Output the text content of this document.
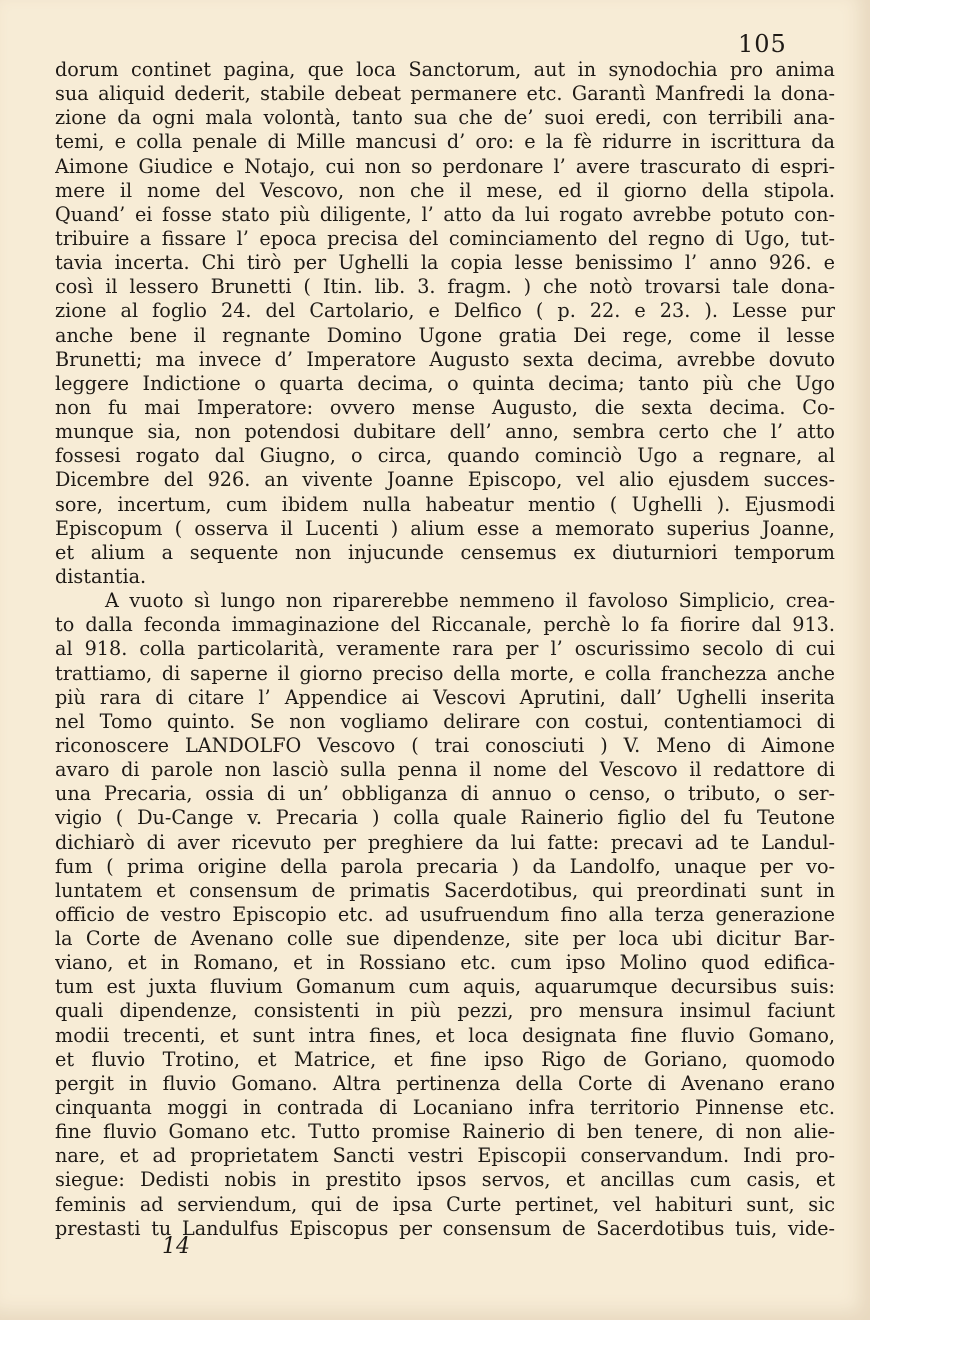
105
dorum continet pagina, que loca Sanctorum, aut in synodochia pro anima
sua aliquid dederit, stabile debeat permanere etc. Garantì Manfredi la dona-
zione da ogni mala volontà, tanto sua che de’ suoi eredi, con terribili ana-
temi, e colla penale di Mille mancusi d’ oro: e la fè ridurre in iscrittura da
Aimone Giudice e Notajo, cui non so perdonare l’ avere trascurato di espri-
mere il nome del Vescovo, non che il mese, ed il giorno della stipola.
Quand’ ei fosse stato più diligente, l’ atto da lui rogato avrebbe potuto con-
tribuire a fissare l’ epoca precisa del cominciamento del regno di Ugo, tut-
tavia incerta. Chi tirò per Ughelli la copia lesse benissimo l’ anno 926. e
così il lessero Brunetti ( Itin. lib. 3. fragm. ) che notò trovarsi tale dona-
zione al foglio 24. del Cartolario, e Delfico ( p. 22. e 23. ). Lesse pur
anche bene il regnante Domino Ugone gratia Dei rege, come il lesse
Brunetti; ma invece d’ Imperatore Augusto sexta decima, avrebbe dovuto
leggere Indictione o quarta decima, o quinta decima; tanto più che Ugo
non fu mai Imperatore: ovvero mense Augusto, die sexta decima. Co-
munque sia, non potendosi dubitare dell’ anno, sembra certo che l’ atto
fossesi rogato dal Giugno, o circa, quando cominciò Ugo a regnare, al
Dicembre del 926. an vivente Joanne Episcopo, vel alio ejusdem succes-
sore, incertum, cum ibidem nulla habeatur mentio ( Ughelli ). Ejusmodi
Episcopum ( osserva il Lucenti ) alium esse a memorato superius Joanne,
et alium a sequente non injucunde censemus ex diuturniori temporum
distantia.
A vuoto sì lungo non riparerebbe nemmeno il favoloso Simplicio, crea-
to dalla feconda immaginazione del Riccanale, perchè lo fa fiorire dal 913.
al 918. colla particolarità, veramente rara per l’ oscurissimo secolo di cui
trattiamo, di saperne il giorno preciso della morte, e colla franchezza anche
più rara di citare l’ Appendice ai Vescovi Aprutini, dall’ Ughelli inserita
nel Tomo quinto. Se non vogliamo delirare con costui, contentiamoci di
riconoscere LANDOLFO Vescovo ( trai conosciuti ) V. Meno di Aimone
avaro di parole non lasciò sulla penna il nome del Vescovo il redattore di
una Precaria, ossia di un’ obbliganza di annuo o censo, o tributo, o ser-
vigio ( Du-Cange v. Precaria ) colla quale Rainerio figlio del fu Teutone
dichiarò di aver ricevuto per preghiere da lui fatte: precavi ad te Landul-
fum ( prima origine della parola precaria ) da Landolfo, unaque per vo-
luntatem et consensum de primatis Sacerdotibus, qui preordinati sunt in
officio de vestro Episcopio etc. ad usufruendum fino alla terza generazione
la Corte de Avenano colle sue dipendenze, site per loca ubi dicitur Bar-
viano, et in Romano, et in Rossiano etc. cum ipso Molino quod edifica-
tum est juxta fluvium Gomanum cum aquis, aquarumque decursibus suis:
quali dipendenze, consistenti in più pezzi, pro mensura insimul faciunt
modii trecenti, et sunt intra fines, et loca designata fine fluvio Gomano,
et fluvio Trotino, et Matrice, et fine ipso Rigo de Goriano, quomodo
pergit in fluvio Gomano. Altra pertinenza della Corte di Avenano erano
cinquanta moggi in contrada di Locaniano infra territorio Pinnense etc.
fine fluvio Gomano etc. Tutto promise Rainerio di ben tenere, di non alie-
nare, et ad proprietatem Sancti vestri Episcopii conservandum. Indi pro-
siegue: Dedisti nobis in prestito ipsos servos, et ancillas cum casis, et
feminis ad serviendum, qui de ipsa Curte pertinet, vel habituri sunt, sic
prestasti tu Landulfus Episcopus per consensum de Sacerdotibus tuis, vide-
14
